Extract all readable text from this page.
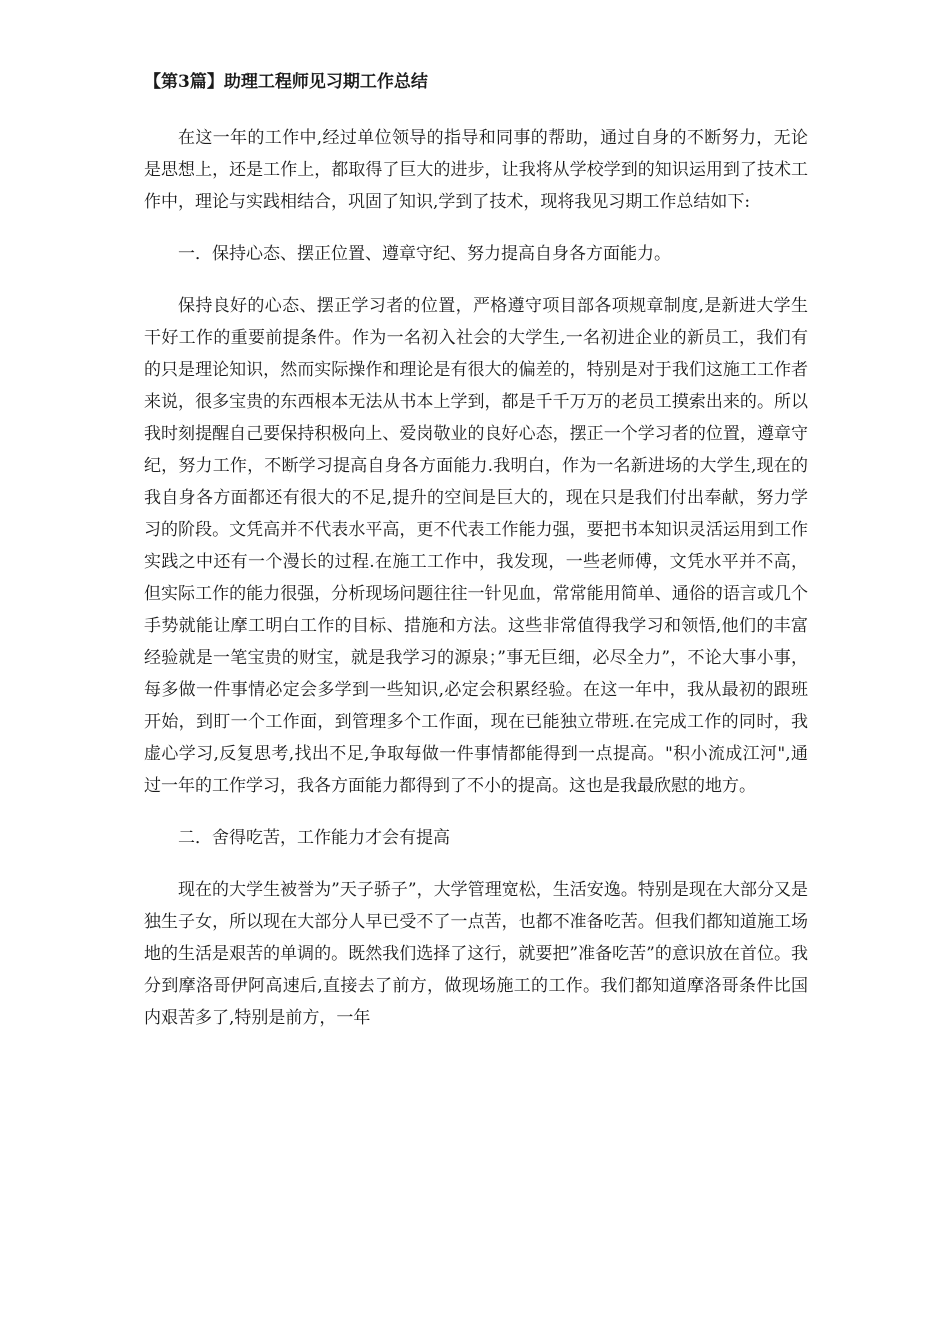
【第3篇】助理工程师见习期工作总结

在这一年的工作中,经过单位领导的指导和同事的帮助，通过自身的不断努力，无论是思想上，还是工作上，都取得了巨大的进步，让我将从学校学到的知识运用到了技术工作中，理论与实践相结合，巩固了知识,学到了技术，现将我见习期工作总结如下:

一．保持心态、摆正位置、遵章守纪、努力提高自身各方面能力。

保持良好的心态、摆正学习者的位置，严格遵守项目部各项规章制度,是新进大学生干好工作的重要前提条件。作为一名初入社会的大学生,一名初进企业的新员工，我们有的只是理论知识，然而实际操作和理论是有很大的偏差的，特别是对于我们这施工工作者来说，很多宝贵的东西根本无法从书本上学到，都是千千万万的老员工摸索出来的。所以我时刻提醒自己要保持积极向上、爱岗敬业的良好心态，摆正一个学习者的位置，遵章守纪，努力工作，不断学习提高自身各方面能力.我明白，作为一名新进场的大学生,现在的我自身各方面都还有很大的不足,提升的空间是巨大的，现在只是我们付出奉献，努力学习的阶段。文凭高并不代表水平高，更不代表工作能力强，要把书本知识灵活运用到工作实践之中还有一个漫长的过程.在施工工作中，我发现，一些老师傅，文凭水平并不高，但实际工作的能力很强，分析现场问题往往一针见血，常常能用简单、通俗的语言或几个手势就能让摩工明白工作的目标、措施和方法。这些非常值得我学习和领悟,他们的丰富经验就是一笔宝贵的财宝，就是我学习的源泉；”事无巨细，必尽全力”，不论大事小事，每多做一件事情必定会多学到一些知识,必定会积累经验。在这一年中，我从最初的跟班开始，到盯一个工作面，到管理多个工作面，现在已能独立带班.在完成工作的同时，我虚心学习,反复思考,找出不足,争取每做一件事情都能得到一点提高。"积小流成江河",通过一年的工作学习，我各方面能力都得到了不小的提高。这也是我最欣慰的地方。

二．舍得吃苦，工作能力才会有提高

现在的大学生被誉为”天子骄子”，大学管理宽松，生活安逸。特别是现在大部分又是独生子女，所以现在大部分人早已受不了一点苦，也都不准备吃苦。但我们都知道施工场地的生活是艰苦的单调的。既然我们选择了这行，就要把”准备吃苦”的意识放在首位。我分到摩洛哥伊阿高速后,直接去了前方，做现场施工的工作。我们都知道摩洛哥条件比国内艰苦多了,特别是前方，一年
